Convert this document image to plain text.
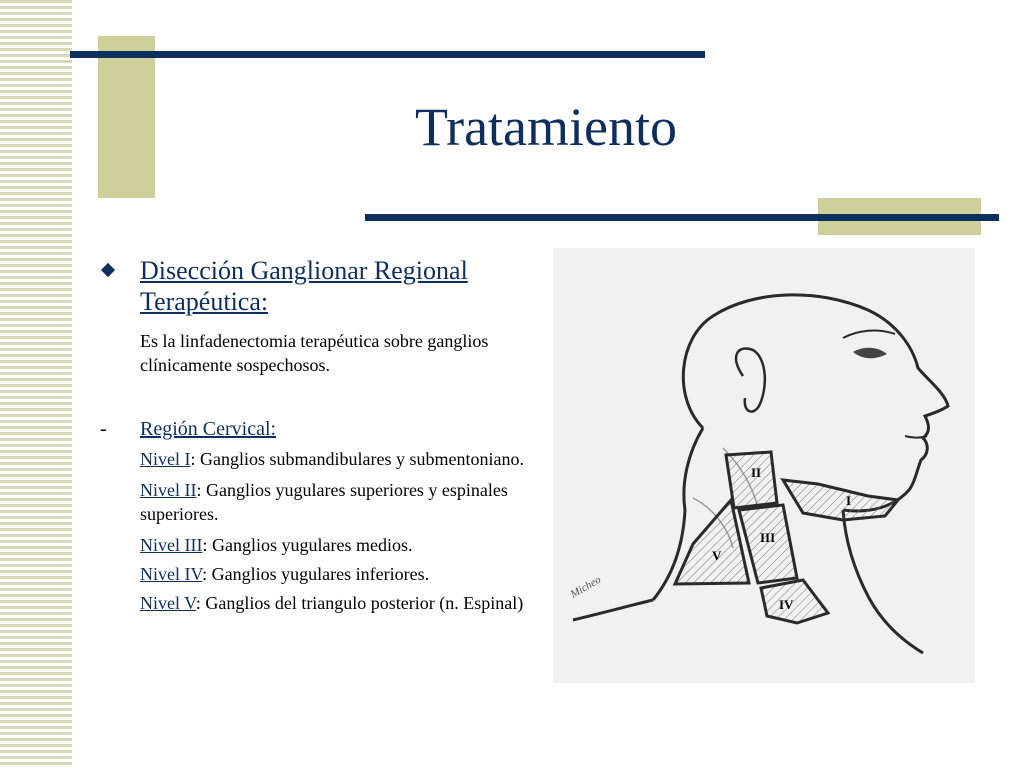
Tratamiento
Disección Ganglionar Regional Terapéutica:

Es la linfadenectomia terapéutica sobre ganglios clínicamente sospechosos.

- Región Cervical:
Nivel I: Ganglios submandibulares y submentoniano.
Nivel II: Ganglios yugulares superiores y espinales superiores.
Nivel III: Ganglios yugulares medios.
Nivel IV: Ganglios yugulares inferiores.
Nivel V: Ganglios del triangulo posterior (n. Espinal)
II
I
III
V
IV
Micheo
